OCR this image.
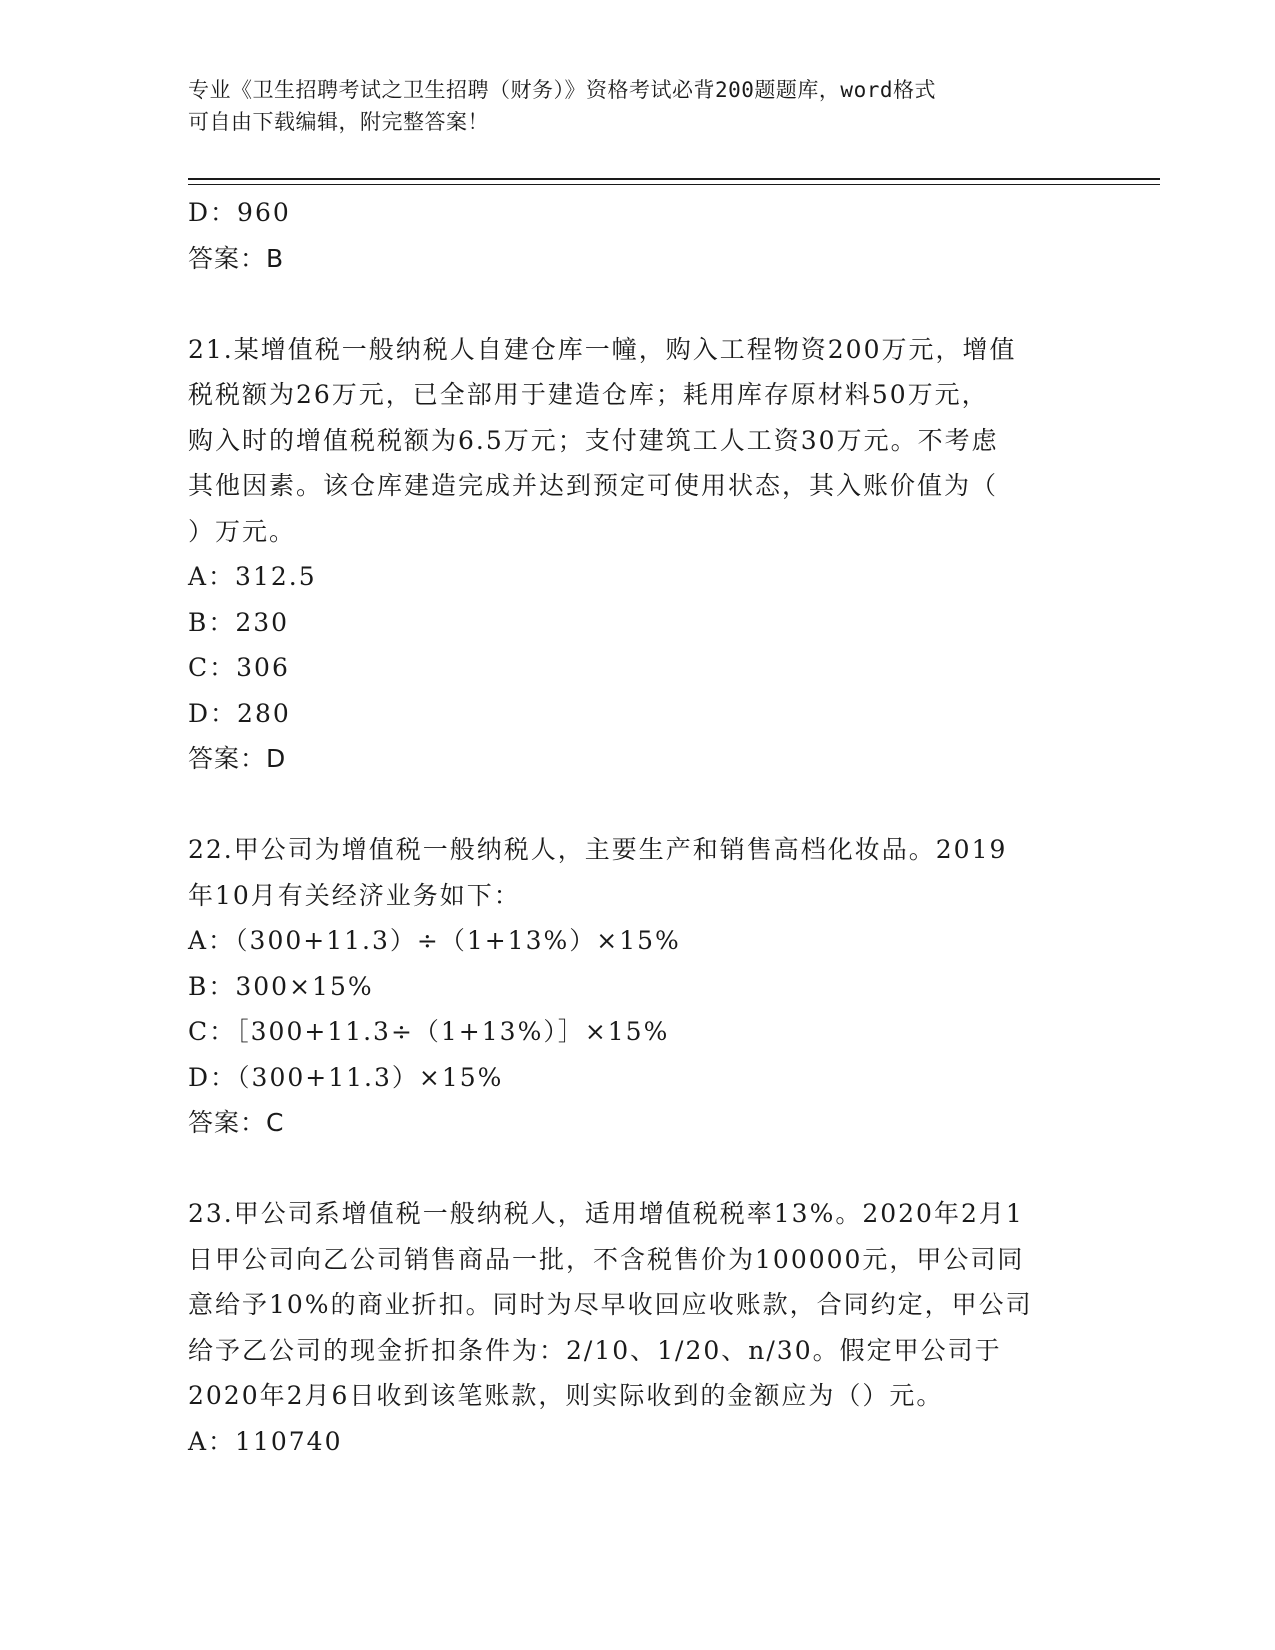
专业《卫生招聘考试之卫生招聘（财务）》资格考试必背200题题库，word格式
可自由下载编辑，附完整答案！
D：960
答案：B
21.某增值税一般纳税人自建仓库一幢，购入工程物资200万元，增值
税税额为26万元，已全部用于建造仓库；耗用库存原材料50万元，
购入时的增值税税额为6.5万元；支付建筑工人工资30万元。不考虑
其他因素。该仓库建造完成并达到预定可使用状态，其入账价值为（
）万元。
A：312.5
B：230
C：306
D：280
答案：D
22.甲公司为增值税一般纳税人，主要生产和销售高档化妆品。2019
年10月有关经济业务如下：
A：（300+11.3）÷（1+13%）×15%
B：300×15%
C：［300+11.3÷（1+13%）］×15%
D：（300+11.3）×15%
答案：C
23.甲公司系增值税一般纳税人，适用增值税税率13%。2020年2月1
日甲公司向乙公司销售商品一批，不含税售价为100000元，甲公司同
意给予10%的商业折扣。同时为尽早收回应收账款，合同约定，甲公司
给予乙公司的现金折扣条件为：2/10、1/20、n/30。假定甲公司于
2020年2月6日收到该笔账款，则实际收到的金额应为（）元。
A：110740
